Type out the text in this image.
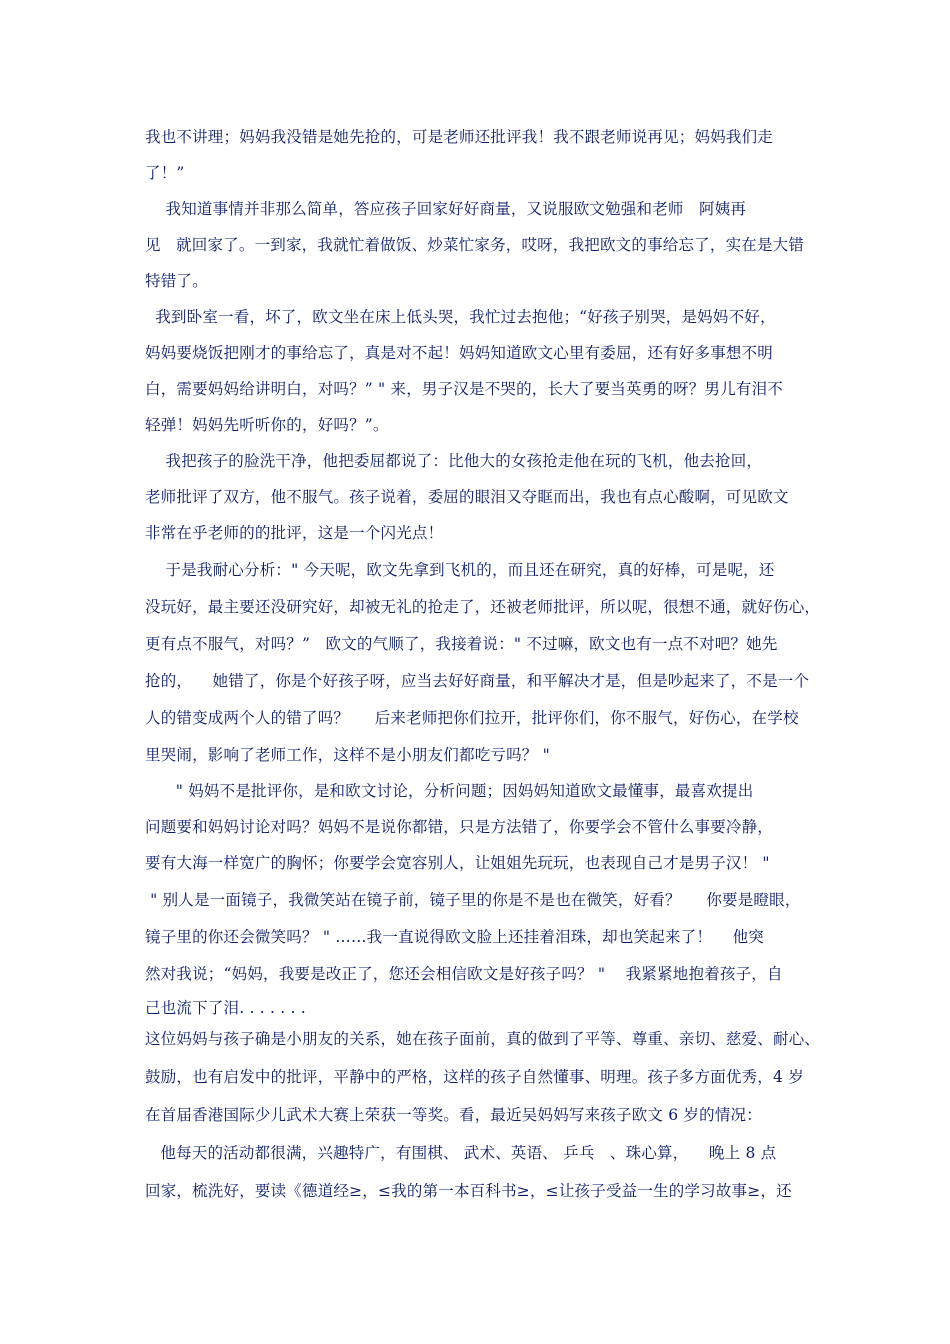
我也不讲理；妈妈我没错是她先抢的，可是老师还批评我！我不跟老师说再见；妈妈我们走
了！”
我知道事情并非那么简单，答应孩子回家好好商量，又说服欧文勉强和老师   阿姨再
见   就回家了。一到家，我就忙着做饭、炒菜忙家务，哎呀，我把欧文的事给忘了，实在是大错
特错了。
我到卧室一看，坏了，欧文坐在床上低头哭，我忙过去抱他；“好孩子别哭，是妈妈不好，
妈妈要烧饭把刚才的事给忘了，真是对不起！妈妈知道欧文心里有委屈，还有好多事想不明
白，需要妈妈给讲明白，对吗？” " 来，男子汉是不哭的，长大了要当英勇的呀？男儿有泪不
轻弹！妈妈先听听你的，好吗？”。
我把孩子的脸洗干净，他把委屈都说了：比他大的女孩抢走他在玩的飞机，他去抢回，
老师批评了双方，他不服气。孩子说着，委屈的眼泪又夺眶而出，我也有点心酸啊，可见欧文
非常在乎老师的的批评，这是一个闪光点！
于是我耐心分析：" 今天呢，欧文先拿到飞机的，而且还在研究，真的好棒，可是呢，还
没玩好，最主要还没研究好，却被无礼的抢走了，还被老师批评，所以呢，很想不通，就好伤心，
更有点不服气，对吗？”   欧文的气顺了，我接着说：" 不过嘛，欧文也有一点不对吧？她先
抢的，    她错了，你是个好孩子呀，应当去好好商量，和平解决才是，但是吵起来了，不是一个
人的错变成两个人的错了吗？     后来老师把你们拉开，批评你们，你不服气，好伤心，在学校
里哭闹，影响了老师工作，这样不是小朋友们都吃亏吗？ "
" 妈妈不是批评你，是和欧文讨论，分析问题；因妈妈知道欧文最懂事，最喜欢提出
问题要和妈妈讨论对吗？妈妈不是说你都错，只是方法错了，你要学会不管什么事要冷静，
要有大海一样宽广的胸怀；你要学会宽容别人，让姐姐先玩玩，也表现自己才是男子汉！ "
" 别人是一面镜子，我微笑站在镜子前，镜子里的你是不是也在微笑，好看？     你要是瞪眼，
镜子里的你还会微笑吗？ " ……我一直说得欧文脸上还挂着泪珠，却也笑起来了！    他突
然对我说；“妈妈，我要是改正了，您还会相信欧文是好孩子吗？ "    我紧紧地抱着孩子，自
己也流下了泪. . . . . . .
这位妈妈与孩子确是小朋友的关系，她在孩子面前，真的做到了平等、尊重、亲切、慈爱、耐心、
鼓励，也有启发中的批评，平静中的严格，这样的孩子自然懂事、明理。孩子多方面优秀，4 岁
在首届香港国际少儿武术大赛上荣获一等奖。看，最近吴妈妈写来孩子欧文 6 岁的情况：
他每天的活动都很满，兴趣特广，有围棋、 武术、英语、 乒乓   、珠心算，    晚上 8 点
回家，梳洗好，要读《德道经≥，≤我的第一本百科书≥，≤让孩子受益一生的学习故事≥，还
